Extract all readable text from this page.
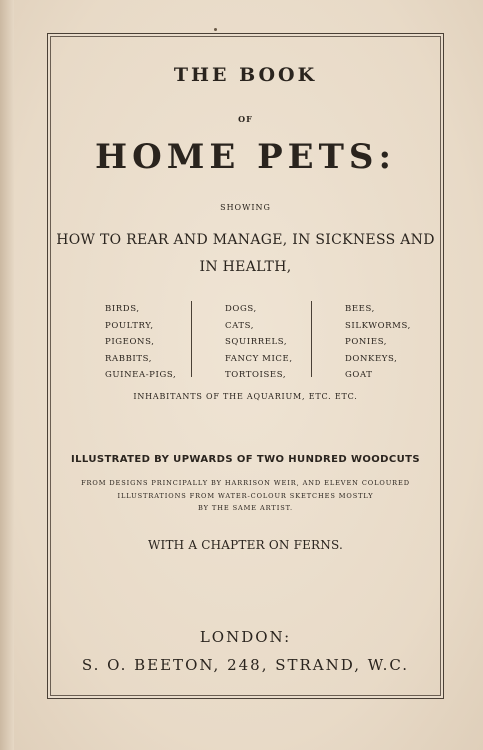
THE BOOK
OF
HOME PETS:
SHOWING
HOW TO REAR AND MANAGE, IN SICKNESS AND
IN HEALTH,
BIRDS,
POULTRY,
PIGEONS,
RABBITS,
GUINEA-PIGS,
DOGS,
CATS,
SQUIRRELS,
FANCY MICE,
TORTOISES,
BEES,
SILKWORMS,
PONIES,
DONKEYS,
GOAT
INHABITANTS OF THE AQUARIUM, ETC. ETC.
ILLUSTRATED BY UPWARDS OF TWO HUNDRED WOODCUTS
FROM DESIGNS PRINCIPALLY BY HARRISON WEIR, AND ELEVEN COLOURED
ILLUSTRATIONS FROM WATER-COLOUR SKETCHES MOSTLY
BY THE SAME ARTIST.
WITH A CHAPTER ON FERNS.
LONDON:
S. O. BEETON, 248, STRAND, W.C.
